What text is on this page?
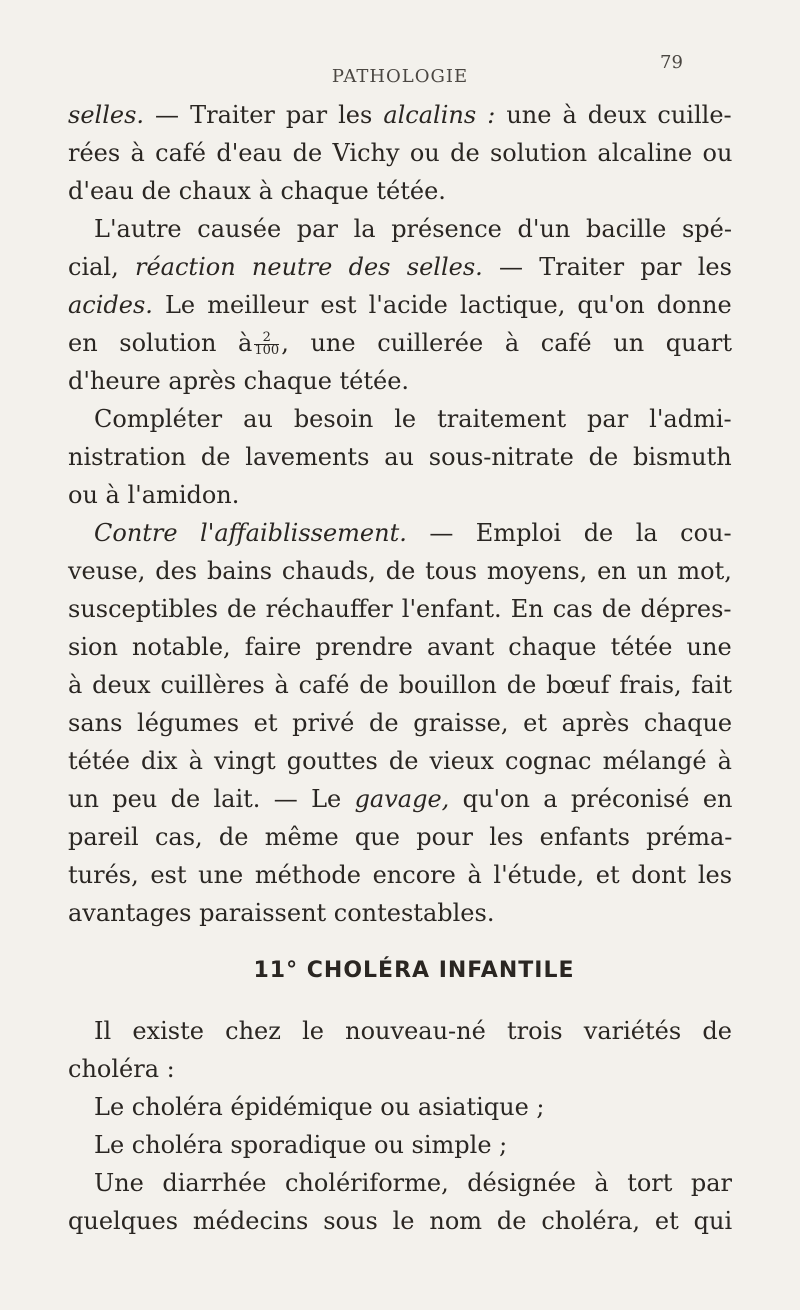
PATHOLOGIE
79
selles. — Traiter par les alcalins : une à deux cuille-
rées à café d'eau de Vichy ou de solution alcaline ou
d'eau de chaux à chaque tétée.
L'autre causée par la présence d'un bacille spé-
cial, réaction neutre des selles. — Traiter par les
acides. Le meilleur est l'acide lactique, qu'on donne
en solution à $\frac{2}{100}$ , une cuillerée à café un quart
d'heure après chaque tétée.
Compléter au besoin le traitement par l'admi-
nistration de lavements au sous-nitrate de bismuth
ou à l'amidon.
Contre l'affaiblissement. — Emploi de la cou-
veuse, des bains chauds, de tous moyens, en un mot,
susceptibles de réchauffer l'enfant. En cas de dépres-
sion notable, faire prendre avant chaque tétée une
à deux cuillères à café de bouillon de bœuf frais, fait
sans légumes et privé de graisse, et après chaque
tétée dix à vingt gouttes de vieux cognac mélangé à
un peu de lait. — Le gavage, qu'on a préconisé en
pareil cas, de même que pour les enfants préma-
turés, est une méthode encore à l'étude, et dont les
avantages paraissent contestables.
11° CHOLÉRA INFANTILE
Il existe chez le nouveau-né trois variétés de
choléra :
Le choléra épidémique ou asiatique ;
Le choléra sporadique ou simple ;
Une diarrhée cholériforme, désignée à tort par
quelques médecins sous le nom de choléra, et qui
